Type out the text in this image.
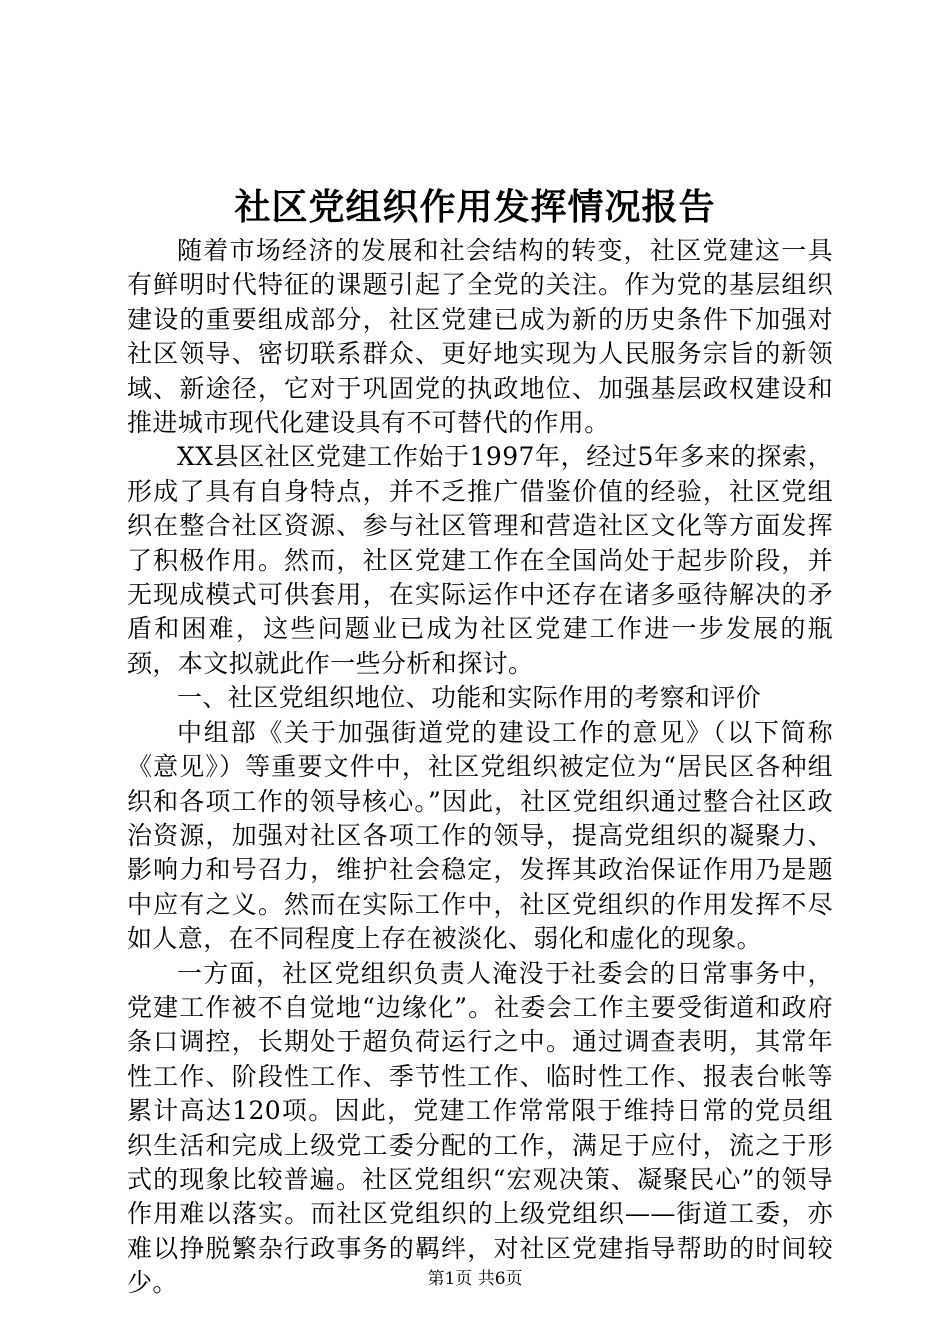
社区党组织作用发挥情况报告

随着市场经济的发展和社会结构的转变，社区党建这一具有鲜明时代特征的课题引起了全党的关注。作为党的基层组织建设的重要组成部分，社区党建已成为新的历史条件下加强对社区领导、密切联系群众、更好地实现为人民服务宗旨的新领域、新途径，它对于巩固党的执政地位、加强基层政权建设和推进城市现代化建设具有不可替代的作用。

XX县区社区党建工作始于1997年，经过5年多来的探索，形成了具有自身特点，并不乏推广借鉴价值的经验，社区党组织在整合社区资源、参与社区管理和营造社区文化等方面发挥了积极作用。然而，社区党建工作在全国尚处于起步阶段，并无现成模式可供套用，在实际运作中还存在诸多亟待解决的矛盾和困难，这些问题业已成为社区党建工作进一步发展的瓶颈，本文拟就此作一些分析和探讨。

一、社区党组织地位、功能和实际作用的考察和评价

中组部《关于加强街道党的建设工作的意见》（以下简称《意见》）等重要文件中，社区党组织被定位为“居民区各种组织和各项工作的领导核心。”因此，社区党组织通过整合社区政治资源，加强对社区各项工作的领导，提高党组织的凝聚力、影响力和号召力，维护社会稳定，发挥其政治保证作用乃是题中应有之义。然而在实际工作中，社区党组织的作用发挥不尽如人意，在不同程度上存在被淡化、弱化和虚化的现象。

一方面，社区党组织负责人淹没于社委会的日常事务中，党建工作被不自觉地“边缘化”。社委会工作主要受街道和政府条口调控，长期处于超负荷运行之中。通过调查表明，其常年性工作、阶段性工作、季节性工作、临时性工作、报表台帐等累计高达120项。因此，党建工作常常限于维持日常的党员组织生活和完成上级党工委分配的工作，满足于应付，流之于形式的现象比较普遍。社区党组织“宏观决策、凝聚民心”的领导作用难以落实。而社区党组织的上级党组织——街道工委，亦难以挣脱繁杂行政事务的羁绊，对社区党建指导帮助的时间较少。	第1页 共6页
